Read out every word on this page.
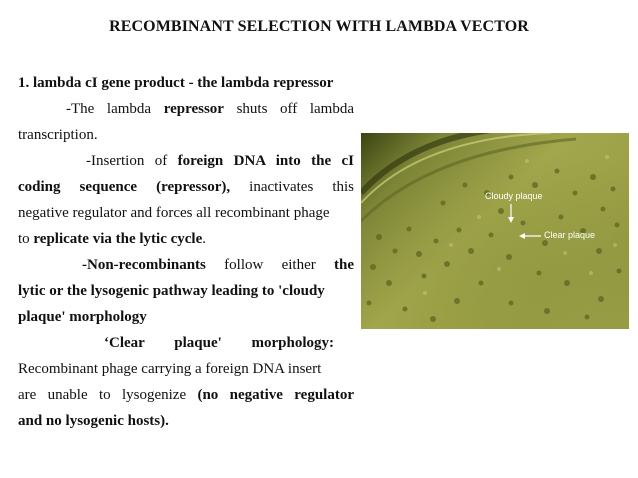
RECOMBINANT SELECTION WITH LAMBDA VECTOR
1. lambda cI gene product - the lambda repressor
-The lambda repressor shuts off lambda
transcription.
-Insertion of foreign DNA into the cI
coding sequence (repressor), inactivates this
negative regulator and forces all recombinant phage
to replicate via the lytic cycle.
-Non-recombinants follow either the
lytic or the lysogenic pathway leading to 'cloudy
plaque' morphology
‘Clear plaque' morphology:
Recombinant phage carrying a foreign DNA insert
are unable to lysogenize (no negative regulator
and no lysogenic hosts).
Cloudy plaque
Clear plaque
